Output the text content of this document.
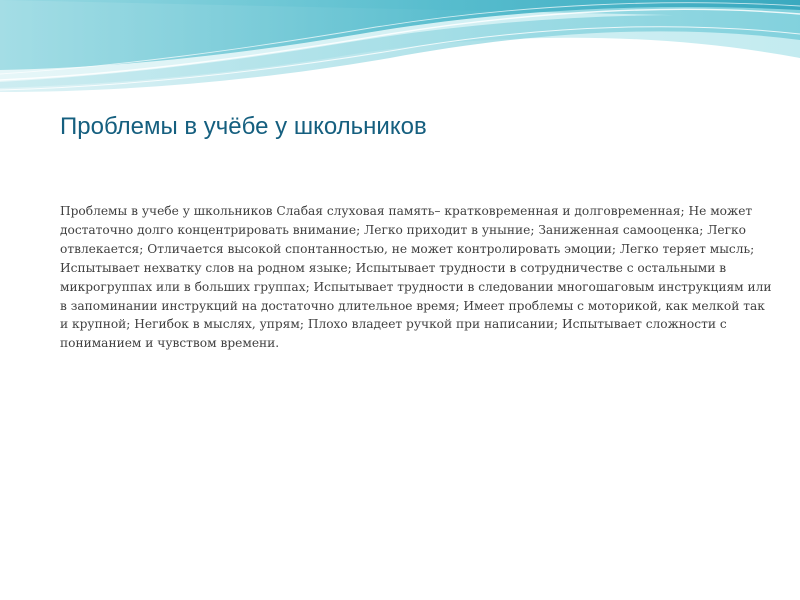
Проблемы в учёбе у школьников

Проблемы в учебе у школьников Слабая слуховая память– кратковременная и долговременная; Не может достаточно долго концентрировать внимание; Легко приходит в уныние; Заниженная самооценка; Легко отвлекается; Отличается высокой спонтанностью, не может контролировать эмоции; Легко теряет мысль; Испытывает нехватку слов на родном языке; Испытывает трудности в сотрудничестве с остальными в микрогруппах или в больших группах; Испытывает трудности в следовании многошаговым инструкциям или в запоминании инструкций на достаточно длительное время; Имеет проблемы с моторикой, как мелкой так и крупной; Негибок в мыслях, упрям; Плохо владеет ручкой при написании; Испытывает сложности с пониманием и чувством времени.
